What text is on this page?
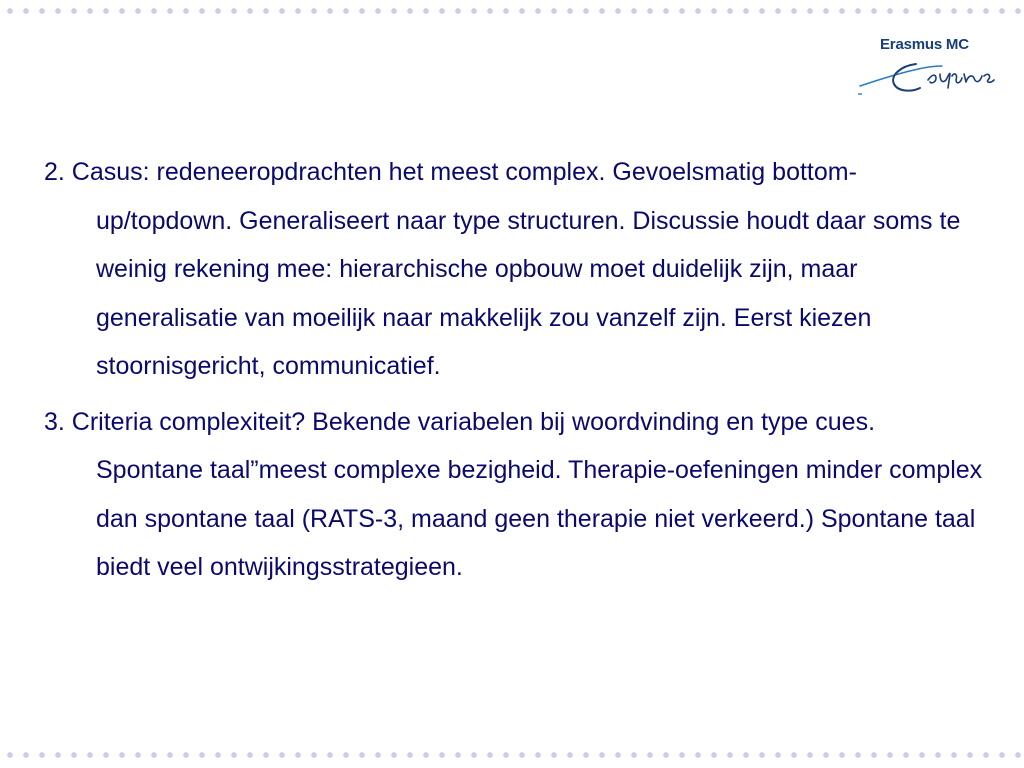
Erasmus MC

2. Casus: redeneeropdrachten het meest complex. Gevoelsmatig bottom-up/topdown. Generaliseert naar type structuren. Discussie houdt daar soms te weinig rekening mee: hierarchische opbouw moet duidelijk zijn, maar generalisatie van moeilijk naar makkelijk zou vanzelf zijn. Eerst kiezen stoornisgericht, communicatief.

3. Criteria complexiteit? Bekende variabelen bij woordvinding en type cues. Spontane taal”meest complexe bezigheid. Therapie-oefeningen minder complex dan spontane taal (RATS-3, maand geen therapie niet verkeerd.) Spontane taal biedt veel ontwijkingsstrategieen.
